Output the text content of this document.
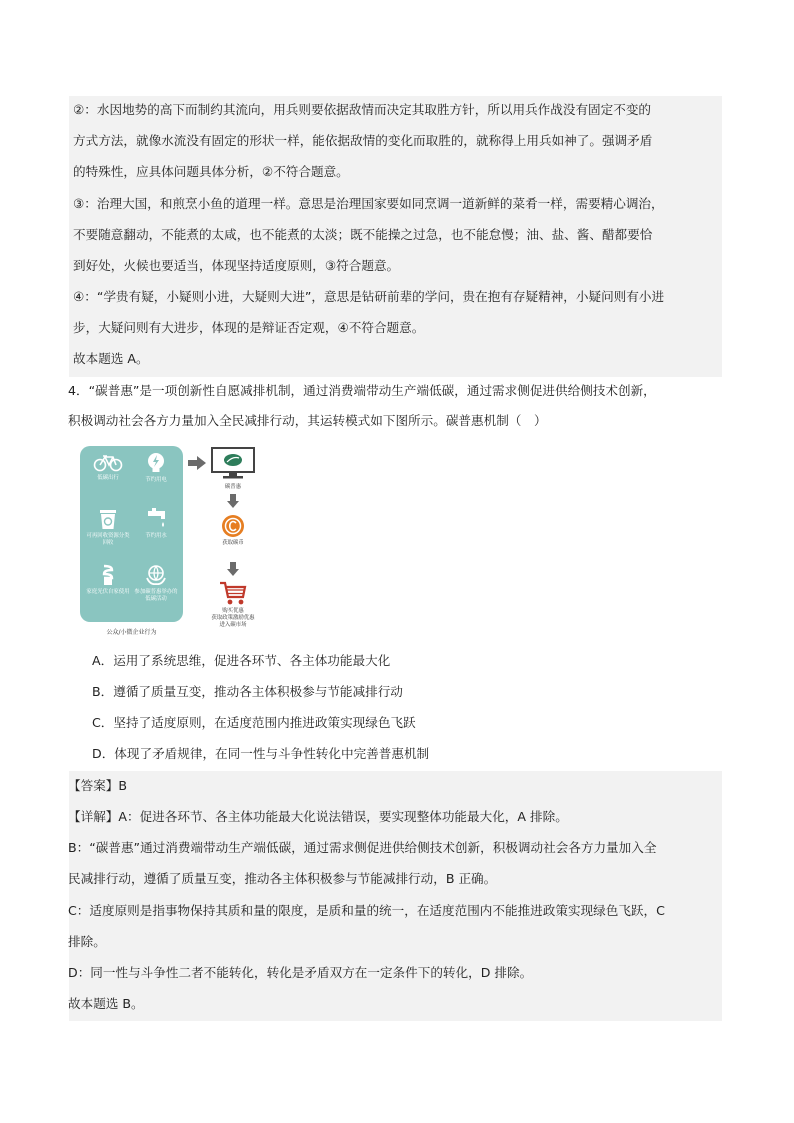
②：水因地势的高下而制约其流向，用兵则要依据敌情而决定其取胜方针，所以用兵作战没有固定不变的
方式方法，就像水流没有固定的形状一样，能依据敌情的变化而取胜的，就称得上用兵如神了。强调矛盾
的特殊性，应具体问题具体分析，②不符合题意。
③：治理大国，和煎烹小鱼的道理一样。意思是治理国家要如同烹调一道新鲜的菜肴一样，需要精心调治，
不要随意翻动，不能煮的太咸，也不能煮的太淡；既不能操之过急，也不能怠慢；油、盐、酱、醋都要恰
到好处，火候也要适当，体现坚持适度原则，③符合题意。
④：“学贵有疑，小疑则小进，大疑则大进”，意思是钻研前辈的学问，贵在抱有存疑精神，小疑问则有小进
步，大疑问则有大进步，体现的是辩证否定观，④不符合题意。
故本题选 A。
4．“碳普惠”是一项创新性自愿减排机制，通过消费端带动生产端低碳，通过需求侧促进供给侧技术创新，
积极调动社会各方力量加入全民减排行动，其运转模式如下图所示。碳普惠机制（　）
低碳出行	节约用电
可再回收资源分类回收
节约用水
家庭光伏自家使用 参加碳普惠举办的低碳活动
公众/小微企业行为
碳普惠
获取碳币
购买优惠
获取政策激励优惠
进入碳市场
A．运用了系统思维，促进各环节、各主体功能最大化
B．遵循了质量互变，推动各主体积极参与节能减排行动
C．坚持了适度原则，在适度范围内推进政策实现绿色飞跃
D．体现了矛盾规律，在同一性与斗争性转化中完善普惠机制
【答案】B
【详解】A：促进各环节、各主体功能最大化说法错误，要实现整体功能最大化，A 排除。
B：“碳普惠”通过消费端带动生产端低碳，通过需求侧促进供给侧技术创新，积极调动社会各方力量加入全
民减排行动，遵循了质量互变，推动各主体积极参与节能减排行动，B 正确。
C：适度原则是指事物保持其质和量的限度，是质和量的统一，在适度范围内不能推进政策实现绿色飞跃，C
排除。
D：同一性与斗争性二者不能转化，转化是矛盾双方在一定条件下的转化，D 排除。
故本题选 B。
